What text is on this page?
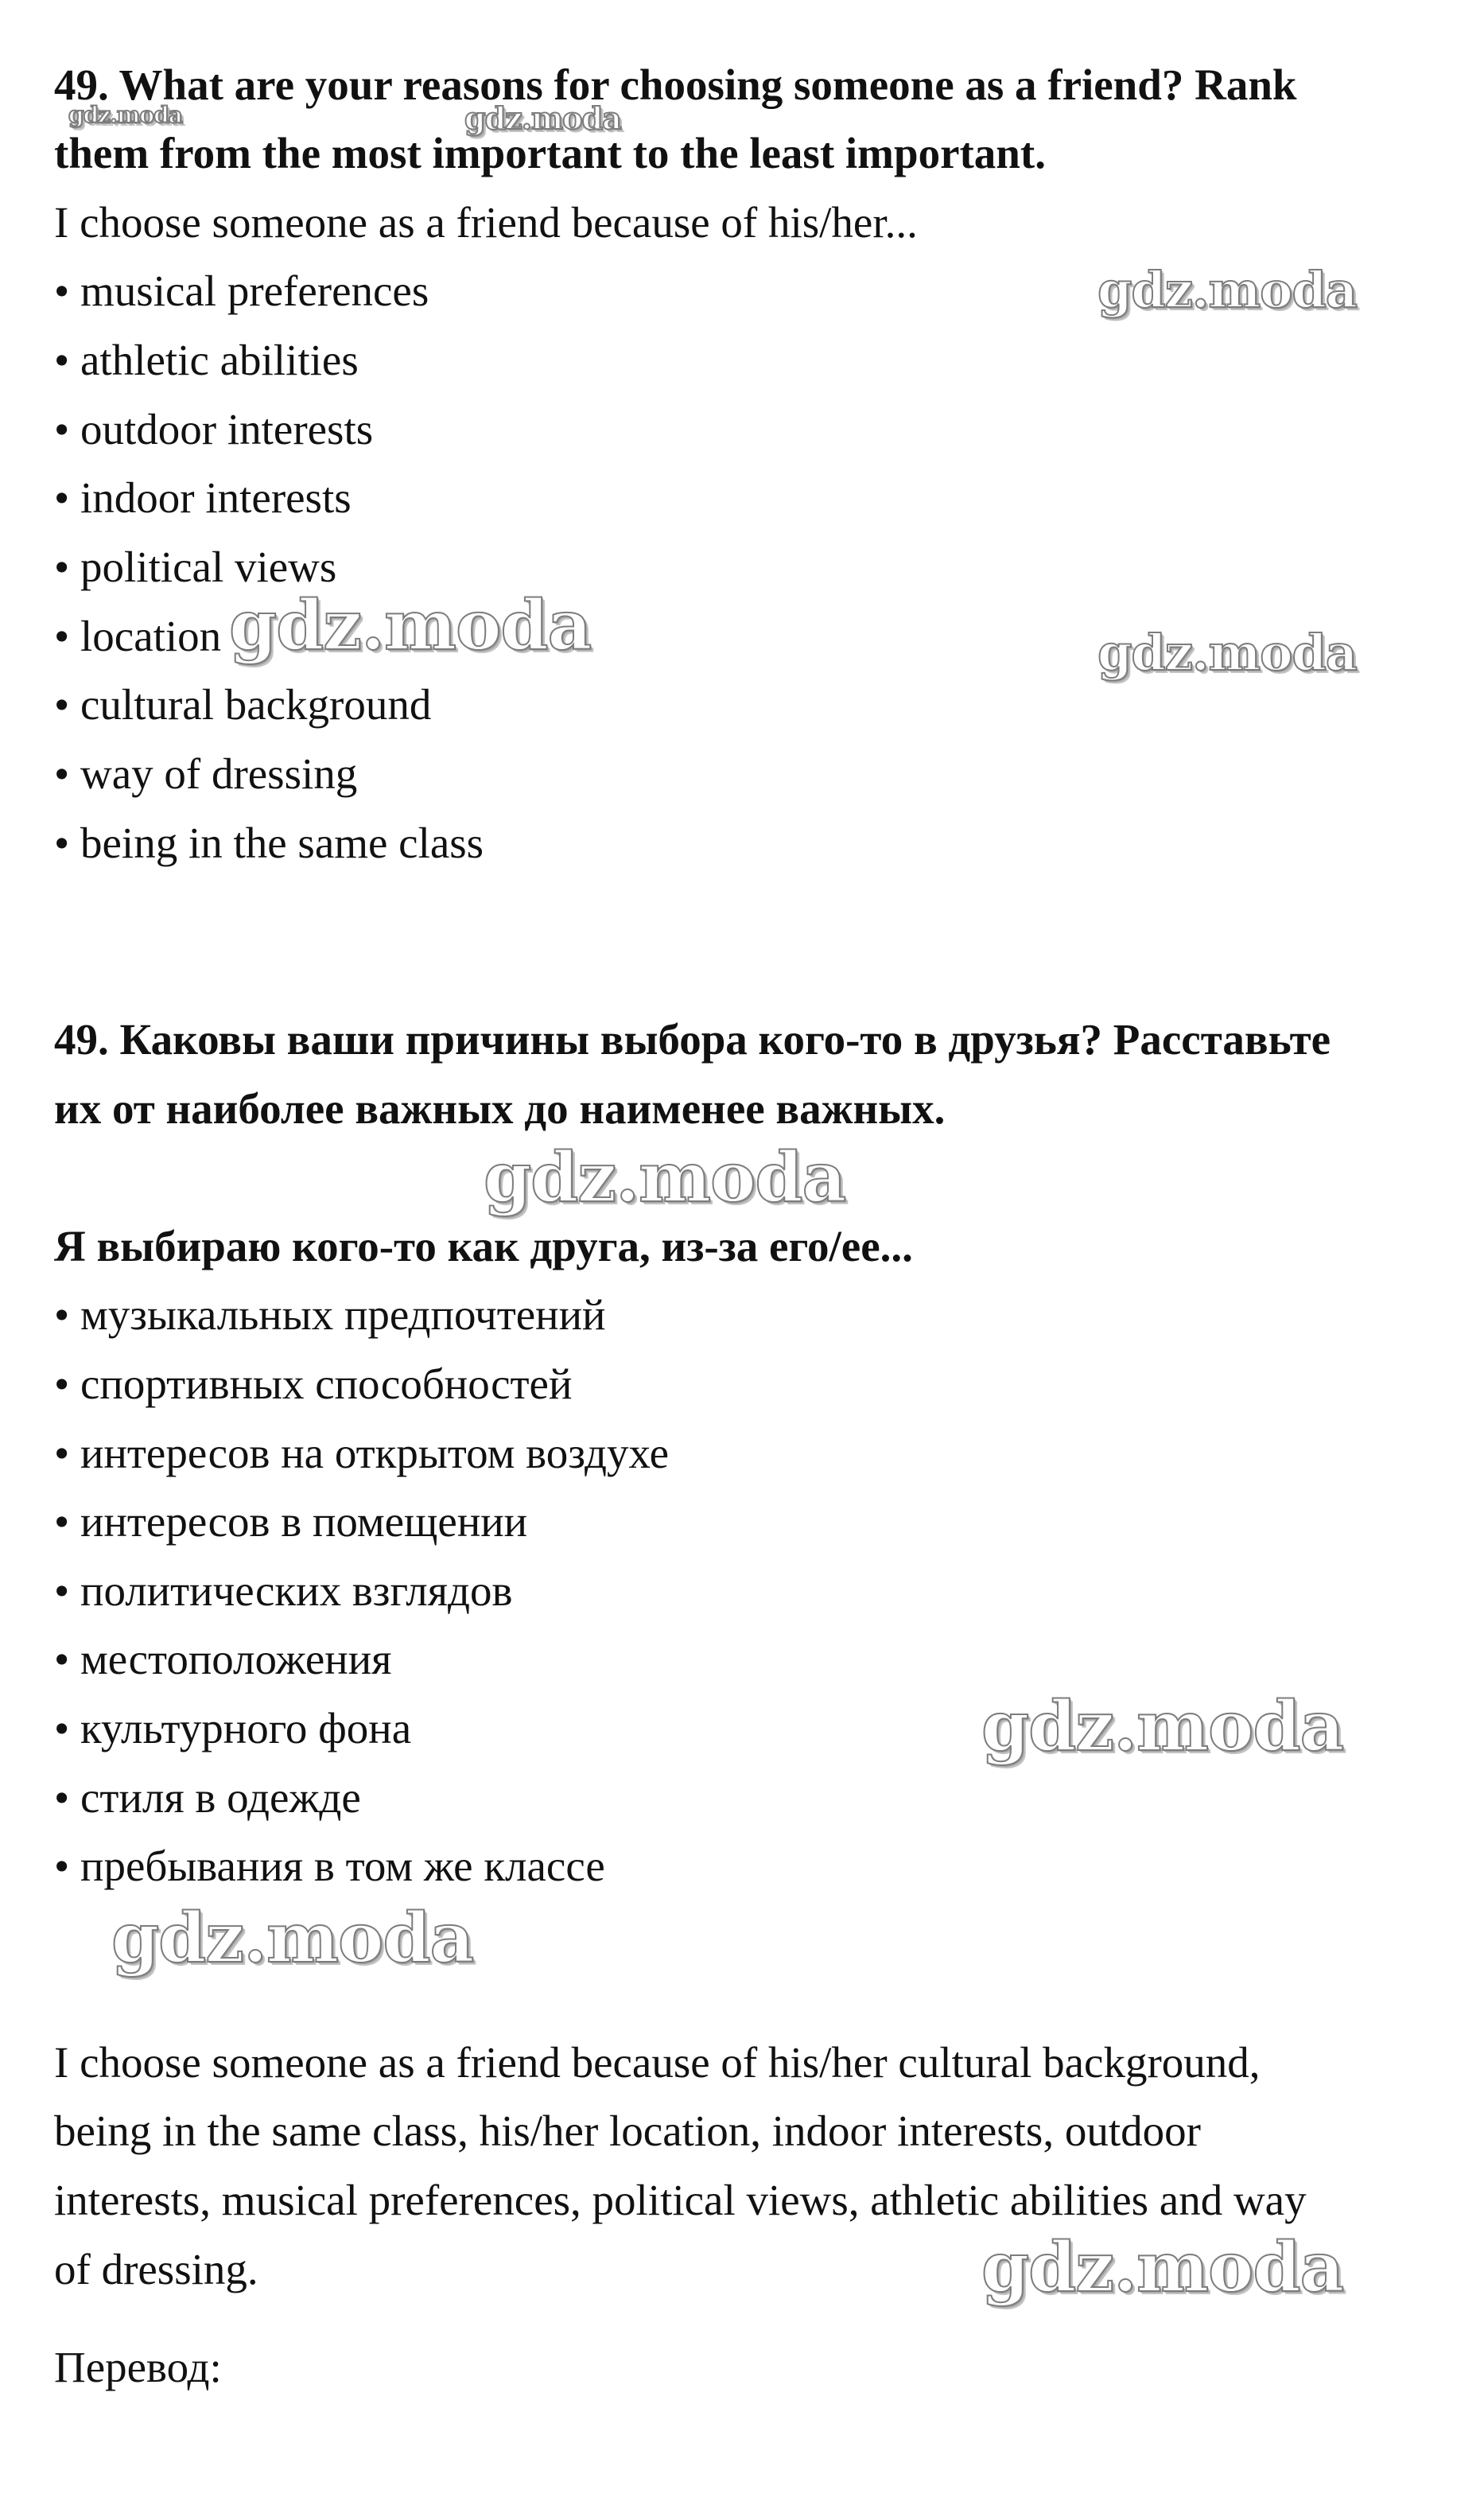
49. What are your reasons for choosing someone as a friend? Rank
them from the most important to the least important.
I choose someone as a friend because of his/her...
• musical preferences
• athletic abilities
• outdoor interests
• indoor interests
• political views
• location
• cultural background
• way of dressing
• being in the same class
49. Каковы ваши причины выбора кого-то в друзья? Расставьте
их от наиболее важных до наименее важных.
Я выбираю кого-то как друга, из-за его/ее...
• музыкальных предпочтений
• спортивных способностей
• интересов на открытом воздухе
• интересов в помещении
• политических взглядов
• местоположения
• культурного фона
• стиля в одежде
• пребывания в том же классе
I choose someone as a friend because of his/her cultural background,
being in the same class, his/her location, indoor interests, outdoor
interests, musical preferences, political views, athletic abilities and way
of dressing.
Перевод:
gdz.moda	gdz.moda
gdz.moda
gdz.moda	gdz.moda
gdz.moda
gdz.moda
gdz.moda
gdz.moda
